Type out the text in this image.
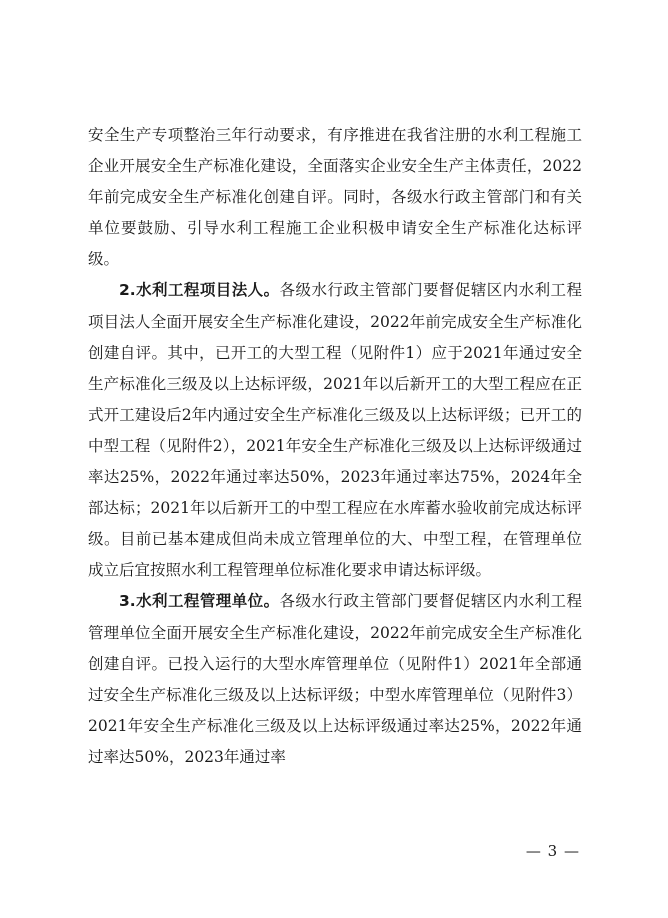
安全生产专项整治三年行动要求，有序推进在我省注册的水利工程施工企业开展安全生产标准化建设，全面落实企业安全生产主体责任，2022年前完成安全生产标准化创建自评。同时，各级水行政主管部门和有关单位要鼓励、引导水利工程施工企业积极申请安全生产标准化达标评级。

2.水利工程项目法人。各级水行政主管部门要督促辖区内水利工程项目法人全面开展安全生产标准化建设，2022年前完成安全生产标准化创建自评。其中，已开工的大型工程（见附件1）应于2021年通过安全生产标准化三级及以上达标评级，2021年以后新开工的大型工程应在正式开工建设后2年内通过安全生产标准化三级及以上达标评级；已开工的中型工程（见附件2），2021年安全生产标准化三级及以上达标评级通过率达25%，2022年通过率达50%，2023年通过率达75%，2024年全部达标；2021年以后新开工的中型工程应在水库蓄水验收前完成达标评级。目前已基本建成但尚未成立管理单位的大、中型工程，在管理单位成立后宜按照水利工程管理单位标准化要求申请达标评级。

3.水利工程管理单位。各级水行政主管部门要督促辖区内水利工程管理单位全面开展安全生产标准化建设，2022年前完成安全生产标准化创建自评。已投入运行的大型水库管理单位（见附件1）2021年全部通过安全生产标准化三级及以上达标评级；中型水库管理单位（见附件3）2021年安全生产标准化三级及以上达标评级通过率达25%，2022年通过率达50%，2023年通过率

— 3 —
